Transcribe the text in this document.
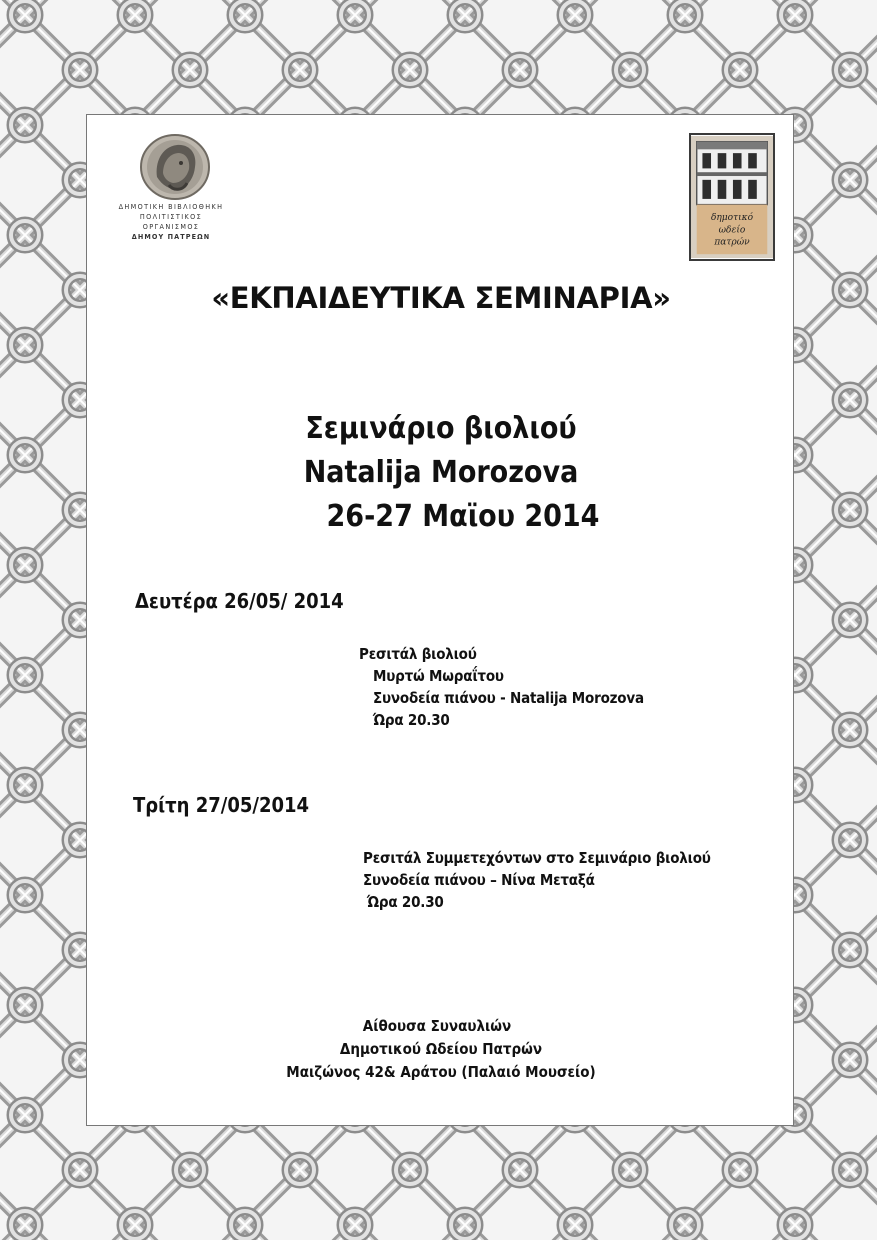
ΔΗΜΟΤΙΚΗ ΒΙΒΛΙΟΘΗΚΗ
ΠΟΛΙΤΙΣΤΙΚΟΣ
ΟΡΓΑΝΙΣΜΟΣ
ΔΗΜΟΥ ΠΑΤΡΕΩΝ
δημοτικό
ωδείο
πατρών
«ΕΚΠΑΙΔΕΥΤΙΚΑ ΣΕΜΙΝΑΡΙΑ»
Σεμινάριο βιολιού
Natalija Morozova
26-27 Μαϊου 2014
Δευτέρα 26/05/ 2014
Ρεσιτάλ βιολιού
Μυρτώ Μωραΐτου
Συνοδεία πιάνου - Natalija Morozova
Ώρα 20.30
Τρίτη 27/05/2014
Ρεσιτάλ Συμμετεχόντων στο Σεμινάριο βιολιού
Συνοδεία πιάνου – Νίνα Μεταξά
Ώρα 20.30
Αίθουσα Συναυλιών
Δημοτικού Ωδείου Πατρών
Μαιζώνος 42& Αράτου (Παλαιό Μουσείο)
